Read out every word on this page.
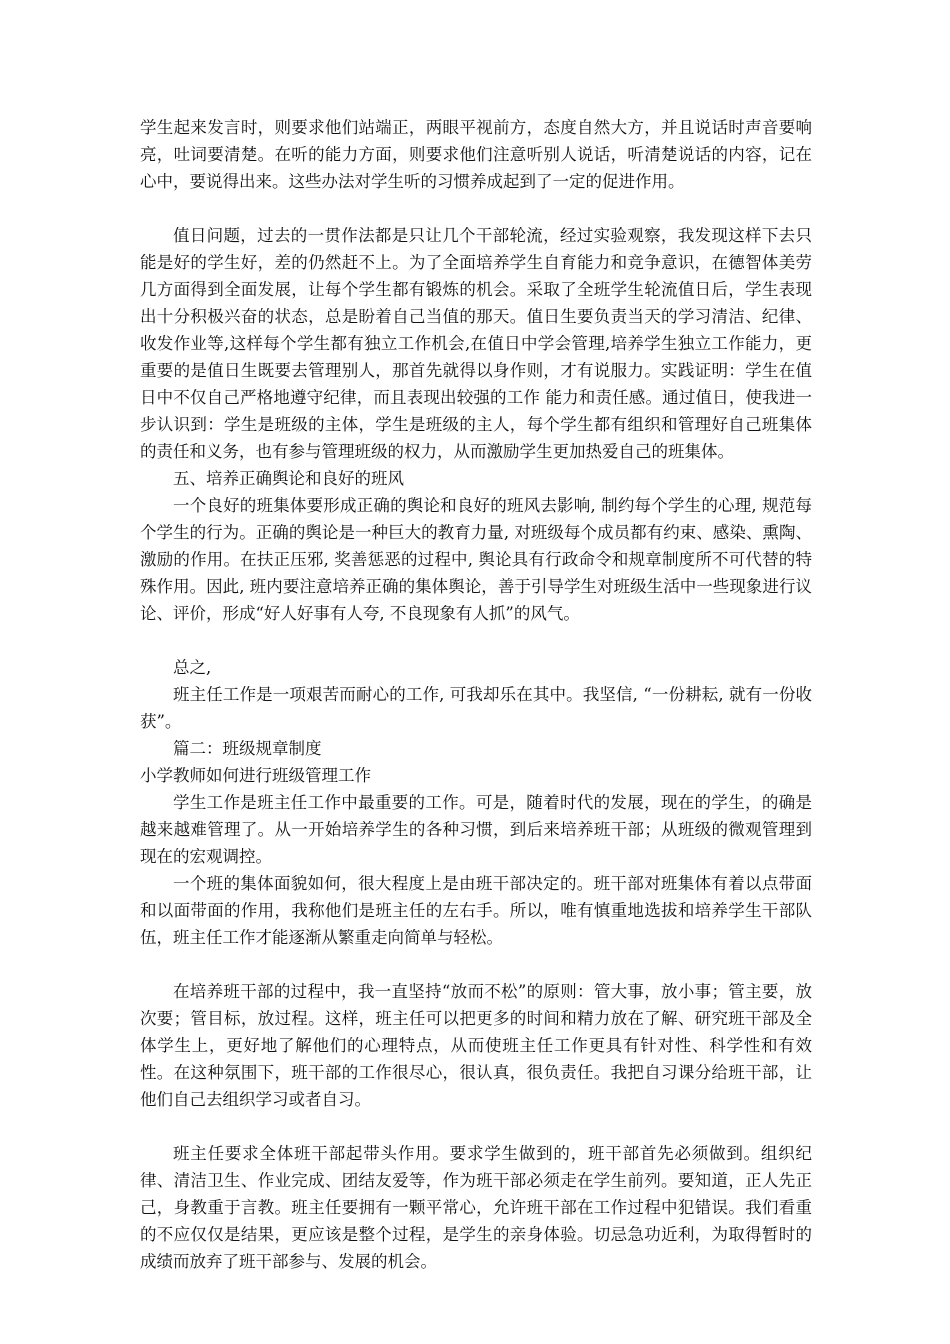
学生起来发言时，则要求他们站端正，两眼平视前方，态度自然大方，并且说话时声音要响亮，吐词要清楚。在听的能力方面，则要求他们注意听别人说话，听清楚说话的内容，记在心中，要说得出来。这些办法对学生听的习惯养成起到了一定的促进作用。

值日问题，过去的一贯作法都是只让几个干部轮流，经过实验观察，我发现这样下去只能是好的学生好，差的仍然赶不上。为了全面培养学生自育能力和竞争意识，在德智体美劳几方面得到全面发展，让每个学生都有锻炼的机会。采取了全班学生轮流值日后，学生表现出十分积极兴奋的状态，总是盼着自己当值的那天。值日生要负责当天的学习清洁、纪律、收发作业等,这样每个学生都有独立工作机会,在值日中学会管理,培养学生独立工作能力，更重要的是值日生既要去管理别人，那首先就得以身作则，才有说服力。实践证明：学生在值日中不仅自己严格地遵守纪律，而且表现出较强的工作 能力和责任感。通过值日，使我进一步认识到：学生是班级的主体，学生是班级的主人，每个学生都有组织和管理好自己班集体的责任和义务，也有参与管理班级的权力，从而激励学生更加热爱自己的班集体。

五、培养正确舆论和良好的班风

一个良好的班集体要形成正确的舆论和良好的班风去影响, 制约每个学生的心理, 规范每个学生的行为。正确的舆论是一种巨大的教育力量, 对班级每个成员都有约束、感染、熏陶、激励的作用。在扶正压邪, 奖善惩恶的过程中, 舆论具有行政命令和规章制度所不可代替的特殊作用。因此, 班内要注意培养正确的集体舆论，善于引导学生对班级生活中一些现象进行议论、评价，形成“好人好事有人夸, 不良现象有人抓”的风气。

总之,

班主任工作是一项艰苦而耐心的工作, 可我却乐在其中。我坚信, “一份耕耘, 就有一份收获”。

篇二：班级规章制度

小学教师如何进行班级管理工作

学生工作是班主任工作中最重要的工作。可是，随着时代的发展，现在的学生，的确是越来越难管理了。从一开始培养学生的各种习惯，到后来培养班干部；从班级的微观管理到现在的宏观调控。

一个班的集体面貌如何，很大程度上是由班干部决定的。班干部对班集体有着以点带面和以面带面的作用，我称他们是班主任的左右手。所以，唯有慎重地选拔和培养学生干部队伍，班主任工作才能逐渐从繁重走向简单与轻松。

在培养班干部的过程中，我一直坚持“放而不松”的原则：管大事，放小事；管主要，放次要；管目标，放过程。这样，班主任可以把更多的时间和精力放在了解、研究班干部及全体学生上，更好地了解他们的心理特点，从而使班主任工作更具有针对性、科学性和有效性。在这种氛围下，班干部的工作很尽心，很认真，很负责任。我把自习课分给班干部，让他们自己去组织学习或者自习。

班主任要求全体班干部起带头作用。要求学生做到的，班干部首先必须做到。组织纪律、清洁卫生、作业完成、团结友爱等，作为班干部必须走在学生前列。要知道，正人先正己，身教重于言教。班主任要拥有一颗平常心，允许班干部在工作过程中犯错误。我们看重的不应仅仅是结果，更应该是整个过程，是学生的亲身体验。切忌急功近利，为取得暂时的成绩而放弃了班干部参与、发展的机会。
